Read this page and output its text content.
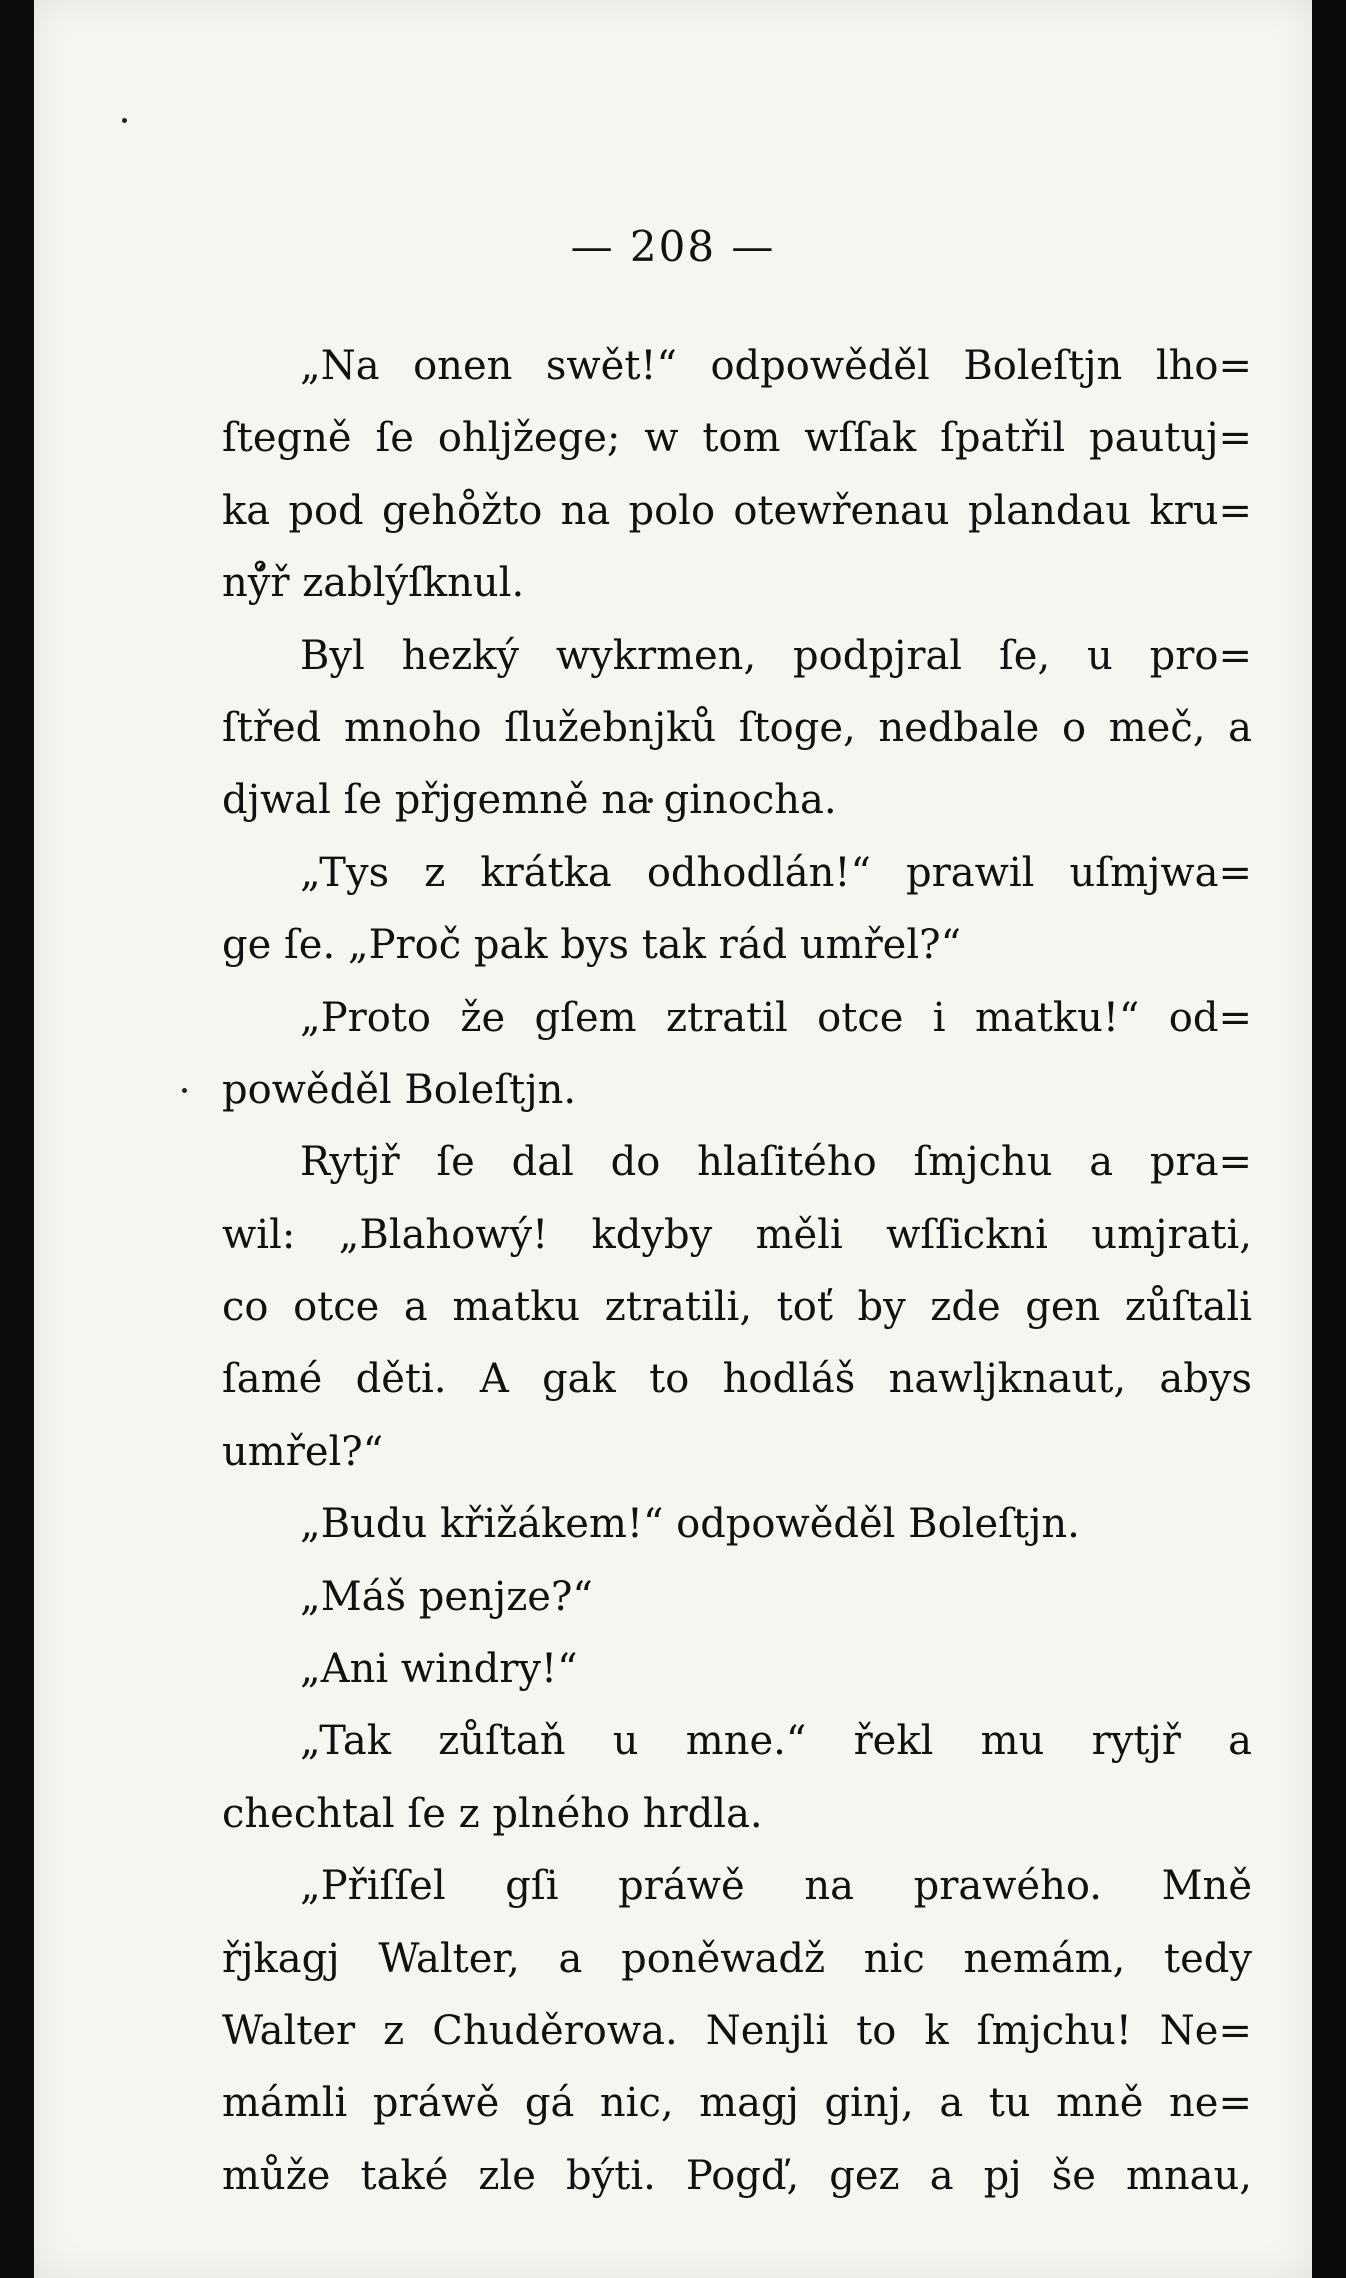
— 208 —
„Na onen swět!“ odpowěděl Boleſtjn lho=
ſtegně ſe ohljžege; w tom wſſak ſpatřil pautuj=
ka pod geho̊žto na polo otewřenau plandau kru=
ný̊ř zablýſknul.
Byl hezký wykrmen, podpjral ſe, u pro=
ſtřed mnoho ſlužebnjků ſtoge, nedbale o meč, a
djwal ſe přjgemně na ginocha.
„Tys z krátka odhodlán!“ prawil uſmjwa=
ge ſe. „Proč pak bys tak rád umřel?“
„Proto že gſem ztratil otce i matku!“ od=
powěděl Boleſtjn.
Rytjř ſe dal do hlaſitého ſmjchu a pra=
wil: „Blahowý! kdyby měli wſſickni umjrati,
co otce a matku ztratili, toť by zde gen zůſtali
ſamé děti. A gak to hodláš nawljknaut, abys
umřel?“
„Budu křižákem!“ odpowěděl Boleſtjn.
„Máš penjze?“
„Ani windry!“
„Tak zůſtaň u mne.“ řekl mu rytjř a
chechtal ſe z plného hrdla.
„Přiſſel gſi práwě na prawého. Mně
řjkagj Walter, a poněwadž nic nemám, tedy
Walter z Chuděrowa. Nenjli to k ſmjchu! Ne=
mámli práwě gá nic, magj ginj, a tu mně ne=
může také zle býti. Pogď, gez a pj še mnau,
